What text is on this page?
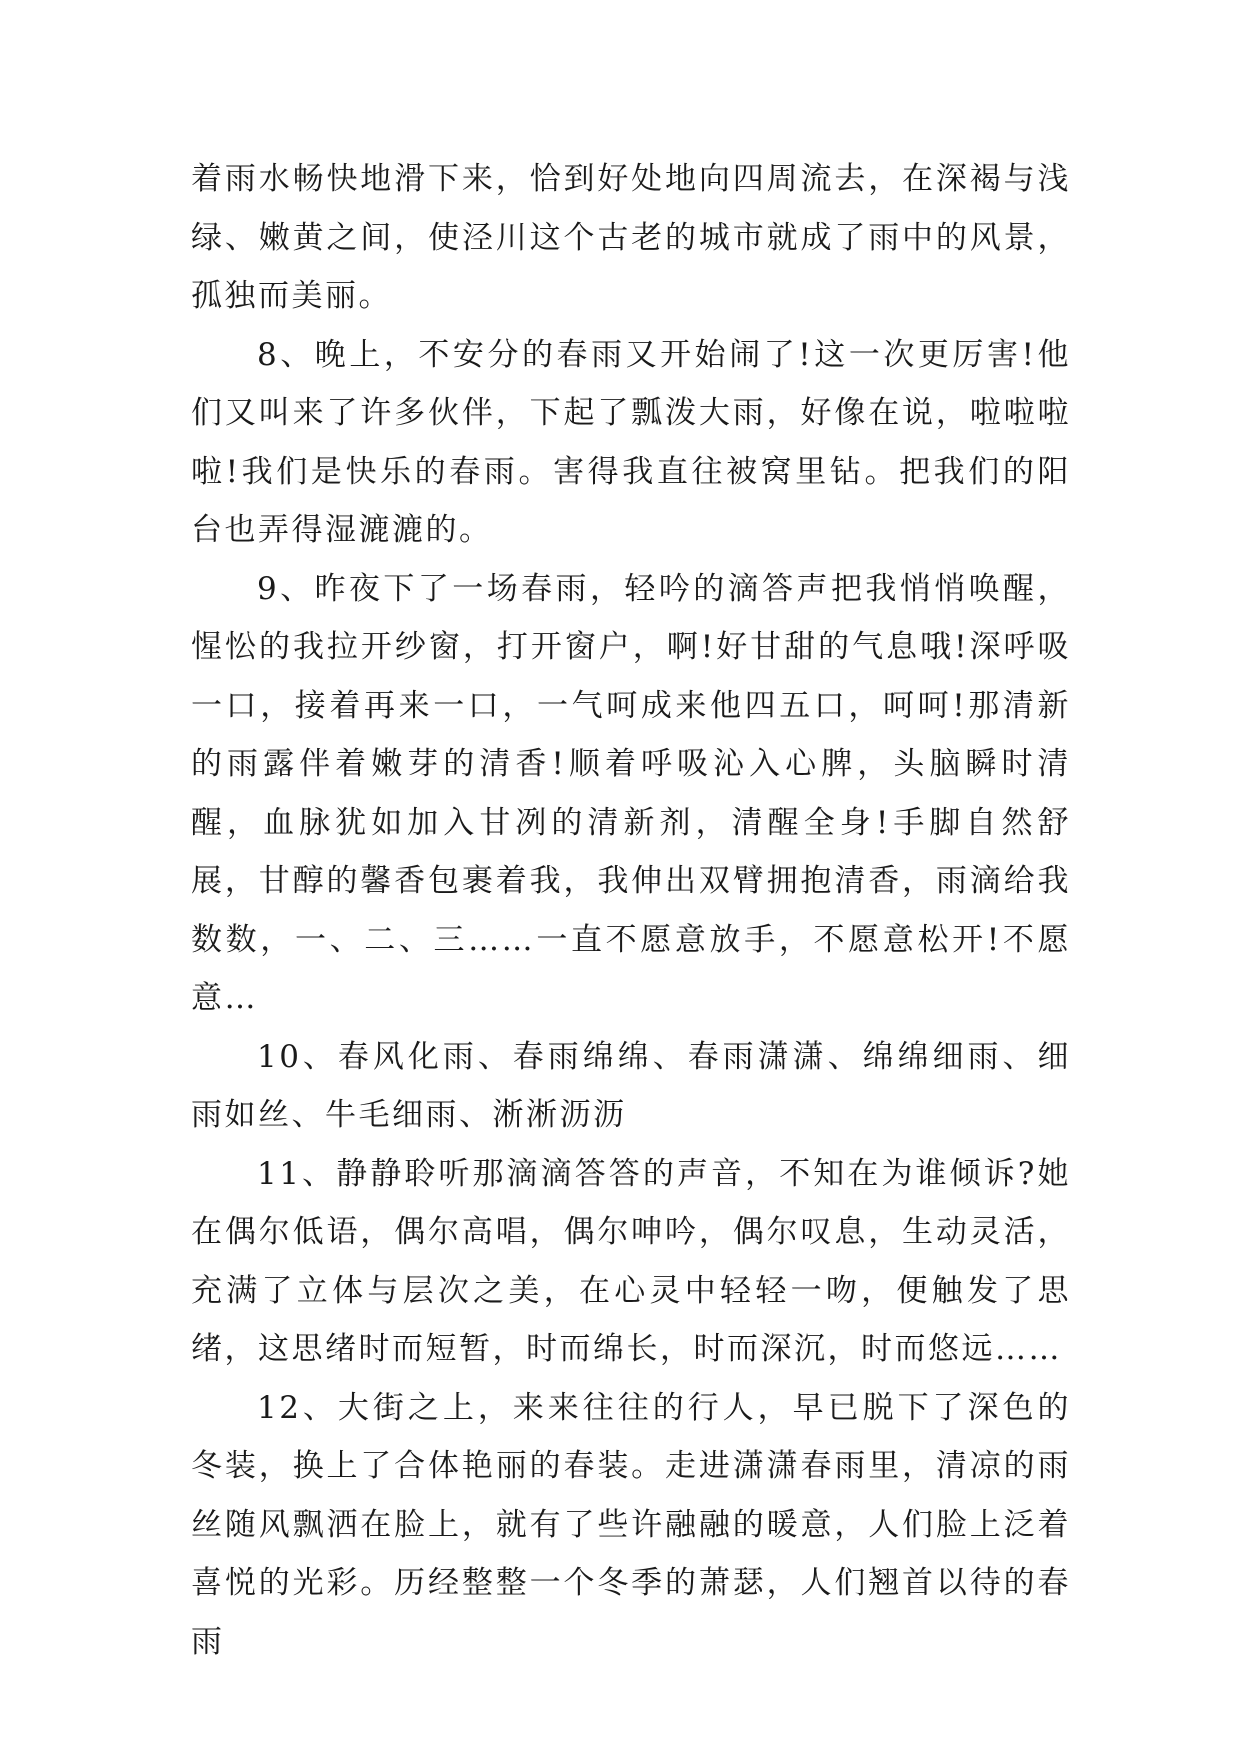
着雨水畅快地滑下来，恰到好处地向四周流去，在深褐与浅绿、嫩黄之间，使泾川这个古老的城市就成了雨中的风景，孤独而美丽。

8、晚上，不安分的春雨又开始闹了!这一次更厉害!他们又叫来了许多伙伴，下起了瓢泼大雨，好像在说，啦啦啦啦!我们是快乐的春雨。害得我直往被窝里钻。把我们的阳台也弄得湿漉漉的。

9、昨夜下了一场春雨，轻吟的滴答声把我悄悄唤醒，惺忪的我拉开纱窗，打开窗户，啊!好甘甜的气息哦!深呼吸一口，接着再来一口，一气呵成来他四五口，呵呵!那清新的雨露伴着嫩芽的清香!顺着呼吸沁入心脾，头脑瞬时清醒，血脉犹如加入甘冽的清新剂，清醒全身!手脚自然舒展，甘醇的馨香包裹着我，我伸出双臂拥抱清香，雨滴给我数数，一、二、三……一直不愿意放手，不愿意松开!不愿意…

10、春风化雨、春雨绵绵、春雨潇潇、绵绵细雨、细雨如丝、牛毛细雨、淅淅沥沥

11、静静聆听那滴滴答答的声音，不知在为谁倾诉?她在偶尔低语，偶尔高唱，偶尔呻吟，偶尔叹息，生动灵活，充满了立体与层次之美，在心灵中轻轻一吻，便触发了思绪，这思绪时而短暂，时而绵长，时而深沉，时而悠远……

12、大街之上，来来往往的行人，早已脱下了深色的冬装，换上了合体艳丽的春装。走进潇潇春雨里，清凉的雨丝随风飘洒在脸上，就有了些许融融的暖意，人们脸上泛着喜悦的光彩。历经整整一个冬季的萧瑟，人们翘首以待的春雨
